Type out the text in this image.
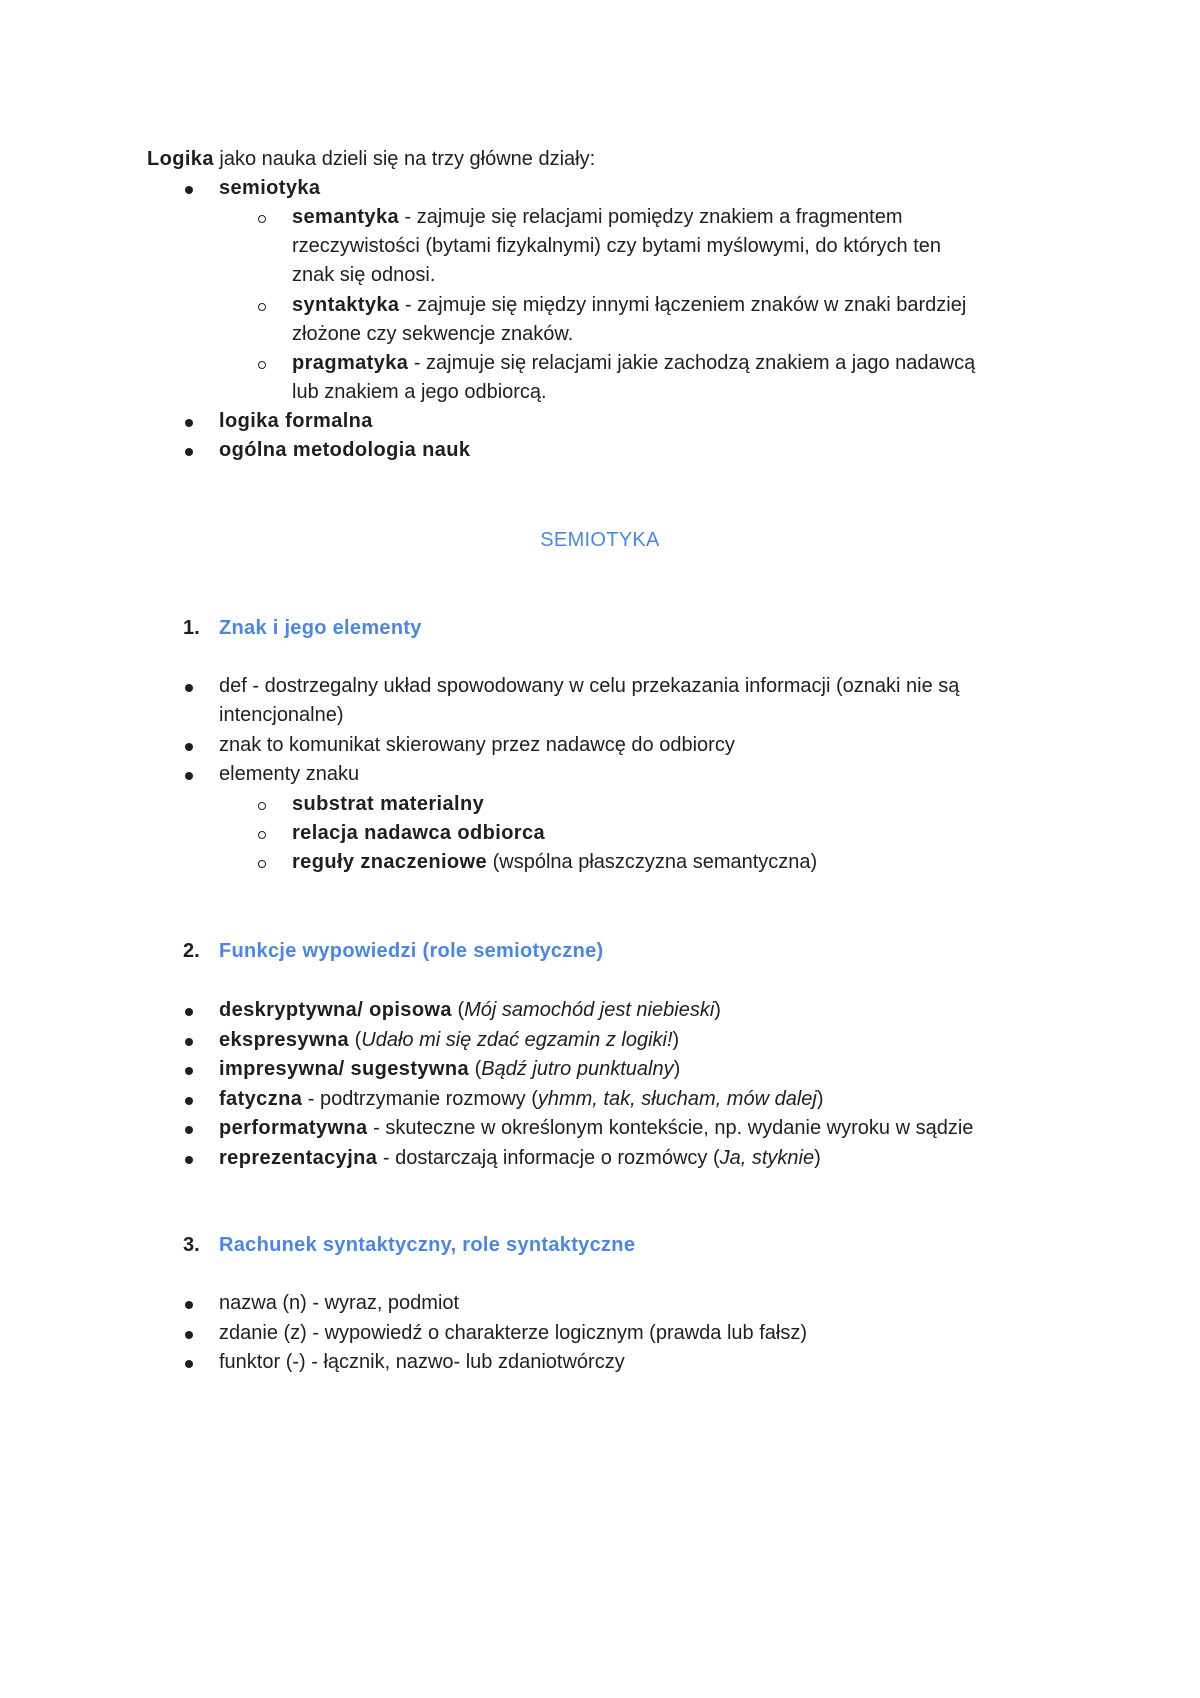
Logika jako nauka dzieli się na trzy główne działy:
semiotyka
semantyka - zajmuje się relacjami pomiędzy znakiem a fragmentem
rzeczywistości (bytami fizykalnymi) czy bytami myślowymi, do których ten
znak się odnosi.
syntaktyka - zajmuje się między innymi łączeniem znaków w znaki bardziej
złożone czy sekwencje znaków.
pragmatyka - zajmuje się relacjami jakie zachodzą znakiem a jago nadawcą
lub znakiem a jego odbiorcą.
logika formalna
ogólna metodologia nauk
SEMIOTYKA
1. Znak i jego elementy
def - dostrzegalny układ spowodowany w celu przekazania informacji (oznaki nie są
intencjonalne)
znak to komunikat skierowany przez nadawcę do odbiorcy
elementy znaku
substrat materialny
relacja nadawca odbiorca
reguły znaczeniowe (wspólna płaszczyzna semantyczna)
2. Funkcje wypowiedzi (role semiotyczne)
deskryptywna/ opisowa (Mój samochód jest niebieski)
ekspresywna (Udało mi się zdać egzamin z logiki!)
impresywna/ sugestywna (Bądź jutro punktualny)
fatyczna - podtrzymanie rozmowy (yhmm, tak, słucham, mów dalej)
performatywna - skuteczne w określonym kontekście, np. wydanie wyroku w sądzie
reprezentacyjna - dostarczają informacje o rozmówcy (Ja, styknie)
3. Rachunek syntaktyczny, role syntaktyczne
nazwa (n) - wyraz, podmiot
zdanie (z) - wypowiedź o charakterze logicznym (prawda lub fałsz)
funktor (-) - łącznik, nazwo- lub zdaniotwórczy
